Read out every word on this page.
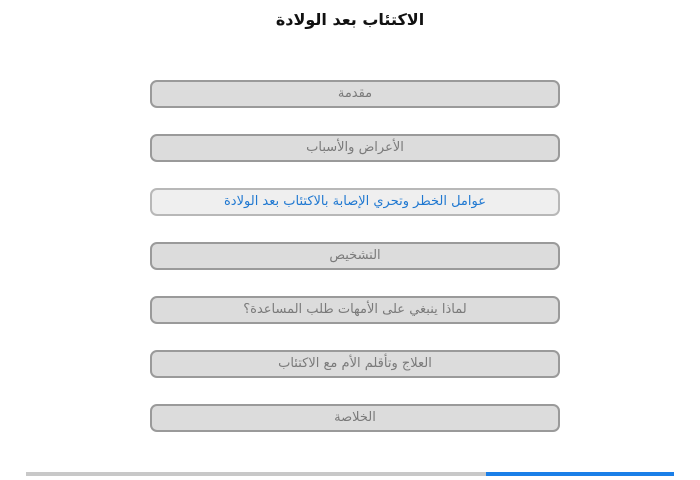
الاكتئاب بعد الولادة
مقدمة
الأعراض والأسباب
عوامل الخطر وتحري الإصابة بالاكتئاب بعد الولادة
التشخيص
لماذا ينبغي على الأمهات طلب المساعدة؟
العلاج وتأقلم الأم مع الاكتئاب
الخلاصة
